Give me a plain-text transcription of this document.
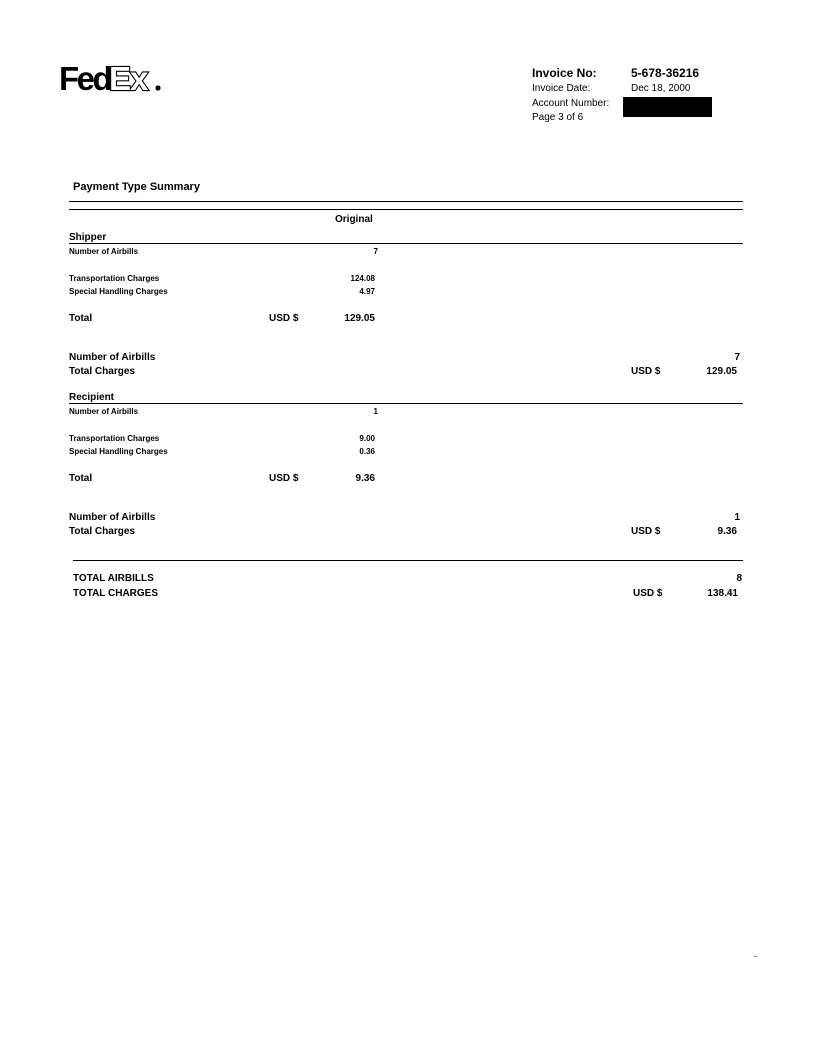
Fed
Ex	Invoice No:	5-678-36216
Invoice Date:	Dec 18, 2000
Account Number:
Page 3 of 6
Payment Type Summary
Original
Shipper
Number of Airbills	7
Transportation Charges	124.08
Special Handling Charges	4.97
Total	USD $	129.05
Number of Airbills	7
Total Charges	USD $	129.05
Recipient
Number of Airbills	1
Transportation Charges	9.00
Special Handling Charges	0.36
Total	USD $	9.36
Number of Airbills	1
Total Charges	USD $	9.36
TOTAL AIRBILLS	8
TOTAL CHARGES	USD $	138.41
-
